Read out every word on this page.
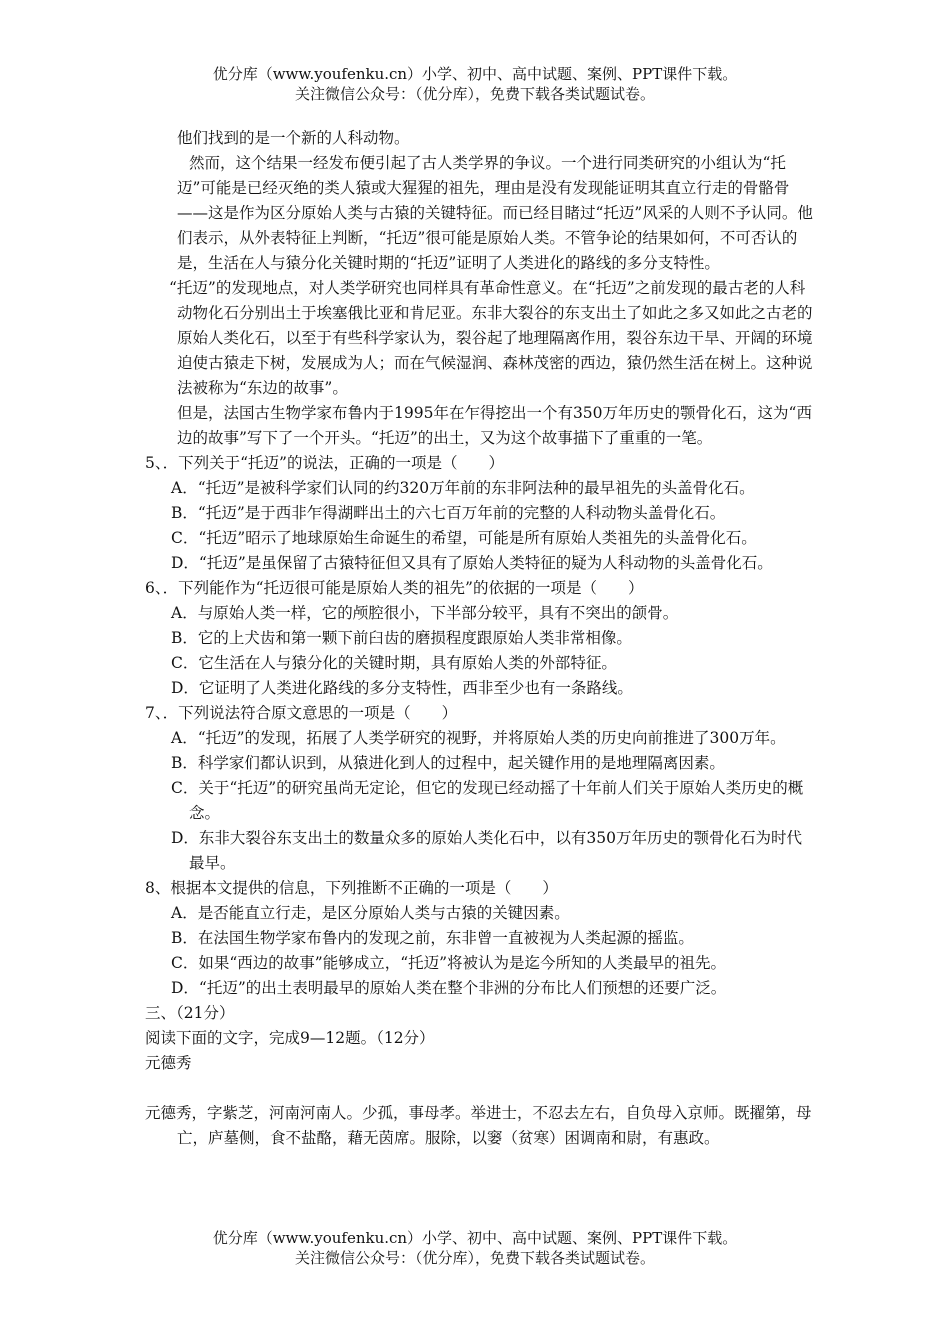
优分库（www.youfenku.cn）小学、初中、高中试题、案例、PPT课件下载。
关注微信公众号：（优分库），免费下载各类试题试卷。

他们找到的是一个新的人科动物。

然而，这个结果一经发布便引起了古人类学界的争议。一个进行同类研究的小组认为“托迈”可能是已经灭绝的类人猿或大猩猩的祖先，理由是没有发现能证明其直立行走的骨骼骨——这是作为区分原始人类与古猿的关键特征。而已经目睹过“托迈”风采的人则不予认同。他们表示，从外表特征上判断，“托迈”很可能是原始人类。不管争论的结果如何，不可否认的是，生活在人与猿分化关键时期的“托迈”证明了人类进化的路线的多分支特性。

“托迈”的发现地点，对人类学研究也同样具有革命性意义。在“托迈”之前发现的最古老的人科动物化石分别出土于埃塞俄比亚和肯尼亚。东非大裂谷的东支出土了如此之多又如此之古老的原始人类化石，以至于有些科学家认为，裂谷起了地理隔离作用，裂谷东边干旱、开阔的环境迫使古猿走下树，发展成为人；而在气候湿润、森林茂密的西边，猿仍然生活在树上。这种说法被称为“东边的故事”。

但是，法国古生物学家布鲁内于1995年在乍得挖出一个有350万年历史的颚骨化石，这为“西边的故事”写下了一个开头。“托迈”的出土，又为这个故事描下了重重的一笔。

5、．下列关于“托迈”的说法，正确的一项是（　　）

A．“托迈”是被科学家们认同的约320万年前的东非阿法种的最早祖先的头盖骨化石。

B．“托迈”是于西非乍得湖畔出土的六七百万年前的完整的人科动物头盖骨化石。

C．“托迈”昭示了地球原始生命诞生的希望，可能是所有原始人类祖先的头盖骨化石。

D．“托迈”是虽保留了古猿特征但又具有了原始人类特征的疑为人科动物的头盖骨化石。

6、．下列能作为“托迈很可能是原始人类的祖先”的依据的一项是（　　）

A．与原始人类一样，它的颅腔很小，下半部分较平，具有不突出的颌骨。

B．它的上犬齿和第一颗下前臼齿的磨损程度跟原始人类非常相像。

C．它生活在人与猿分化的关键时期，具有原始人类的外部特征。

D．它证明了人类进化路线的多分支特性，西非至少也有一条路线。

7、．下列说法符合原文意思的一项是（　　）

A．“托迈”的发现，拓展了人类学研究的视野，并将原始人类的历史向前推进了300万年。

B．科学家们都认识到，从猿进化到人的过程中，起关键作用的是地理隔离因素。

C．关于“托迈”的研究虽尚无定论，但它的发现已经动摇了十年前人们关于原始人类历史的概念。

D．东非大裂谷东支出土的数量众多的原始人类化石中，以有350万年历史的颚骨化石为时代最早。

8、根据本文提供的信息，下列推断不正确的一项是（　　）

A．是否能直立行走，是区分原始人类与古猿的关键因素。

B．在法国生物学家布鲁内的发现之前，东非曾一直被视为人类起源的摇监。

C．如果“西边的故事”能够成立，“托迈”将被认为是迄今所知的人类最早的祖先。

D．“托迈”的出土表明最早的原始人类在整个非洲的分布比人们预想的还要广泛。

三、（21分）

阅读下面的文字，完成9—12题。（12分）

元德秀

元德秀，字紫芝，河南河南人。少孤，事母孝。举进士，不忍去左右，自负母入京师。既擢第，母亡，庐墓侧，食不盐酪，藉无茵席。服除，以窭（贫寒）困调南和尉，有惠政。

优分库（www.youfenku.cn）小学、初中、高中试题、案例、PPT课件下载。
关注微信公众号：（优分库），免费下载各类试题试卷。
